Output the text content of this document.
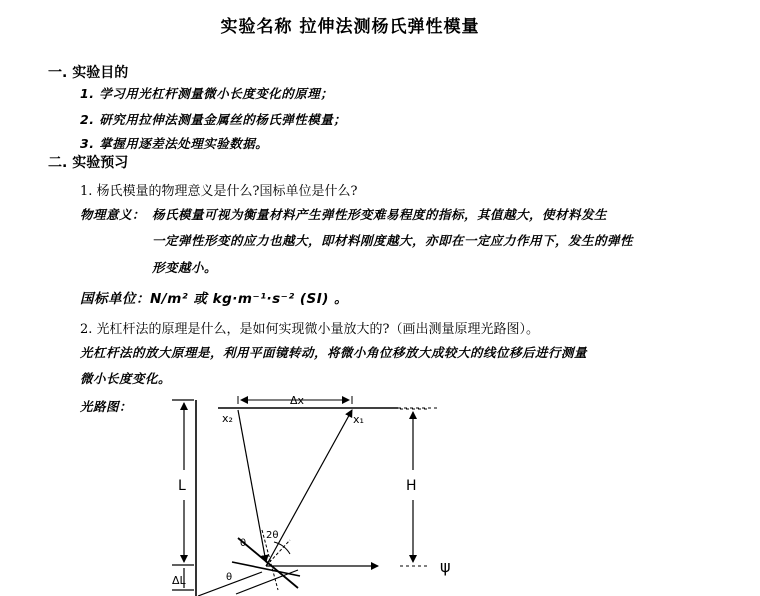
实验名称 拉伸法测杨氏弹性模量
一. 实验目的
1. 学习用光杠杆测量微小长度变化的原理；
2. 研究用拉伸法测量金属丝的杨氏弹性模量；
3. 掌握用逐差法处理实验数据。
二. 实验预习
1. 杨氏模量的物理意义是什么?国标单位是什么?
物理意义： 杨氏模量可视为衡量材料产生弹性形变难易程度的指标，其值越大，使材料发生
一定弹性形变的应力也越大，即材料刚度越大，亦即在一定应力作用下，发生的弹性
形变越小。
国标单位：N/m² 或 kg·m⁻¹·s⁻² (SI) 。
2. 光杠杆法的原理是什么，是如何实现微小量放大的?（画出测量原理光路图）。
光杠杆法的放大原理是，利用平面镜转动，将微小角位移放大成较大的线位移后进行测量
微小长度变化。
光路图：
L
ΔL
Δx
x₂	x₁
H
2θ
θ
θ
ψ
